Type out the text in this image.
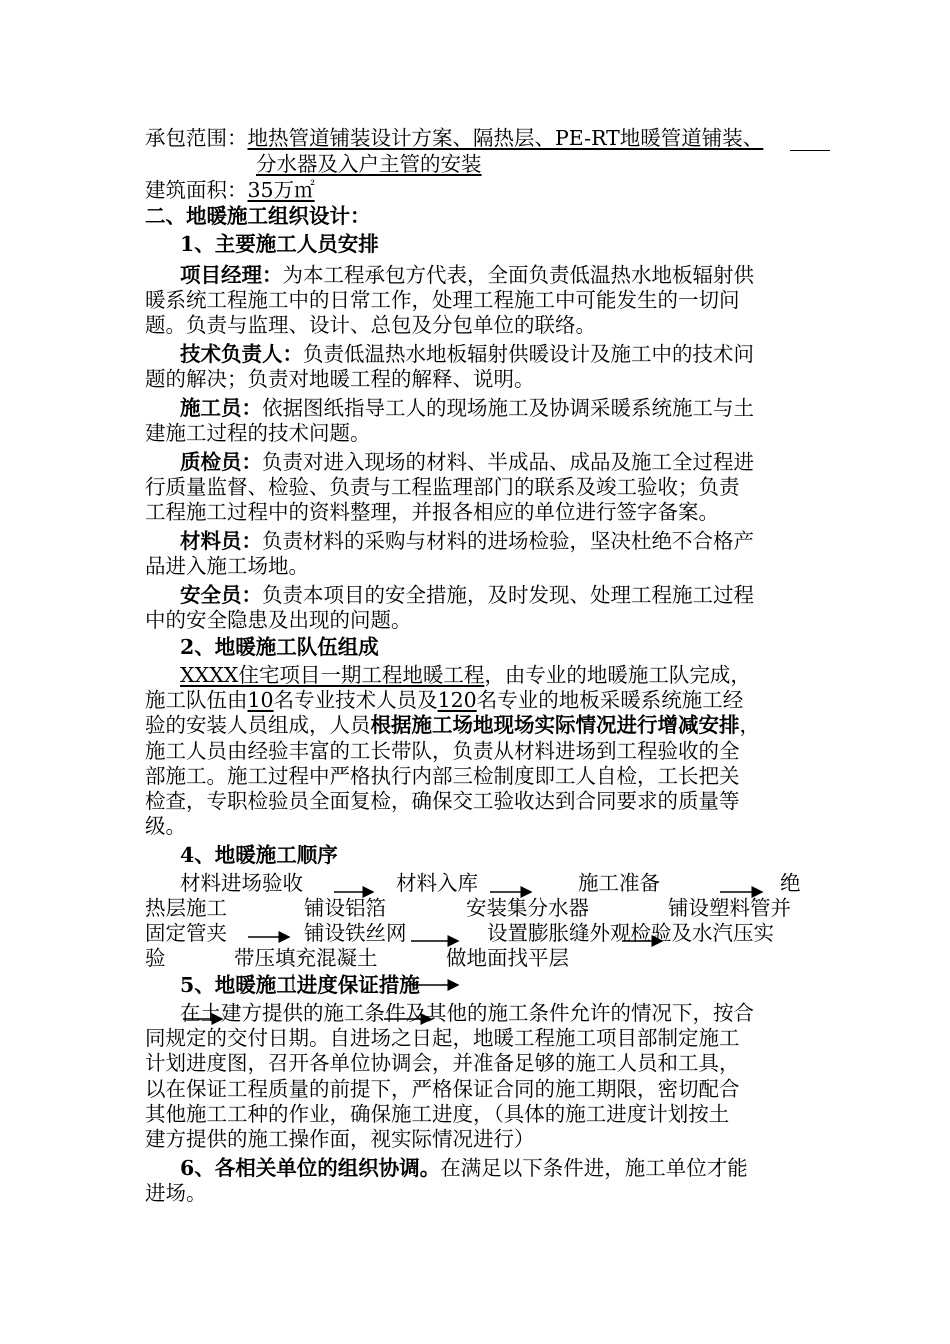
承包范围：地热管道铺装设计方案、隔热层、PE-RT地暖管道铺装、
分水器及入户主管的安装
建筑面积：35万㎡
二、地暖施工组织设计：
1、主要施工人员安排
项目经理：为本工程承包方代表，全面负责低温热水地板辐射供
暖系统工程施工中的日常工作，处理工程施工中可能发生的一切问
题。负责与监理、设计、总包及分包单位的联络。
技术负责人：负责低温热水地板辐射供暖设计及施工中的技术问
题的解决；负责对地暖工程的解释、说明。
施工员：依据图纸指导工人的现场施工及协调采暖系统施工与土
建施工过程的技术问题。
质检员：负责对进入现场的材料、半成品、成品及施工全过程进
行质量监督、检验、负责与工程监理部门的联系及竣工验收；负责
工程施工过程中的资料整理，并报各相应的单位进行签字备案。
材料员：负责材料的采购与材料的进场检验，坚决杜绝不合格产
品进入施工场地。
安全员：负责本项目的安全措施，及时发现、处理工程施工过程
中的安全隐患及出现的问题。
2、地暖施工队伍组成
XXXX住宅项目一期工程地暖工程，由专业的地暖施工队完成，
施工队伍由10名专业技术人员及120名专业的地板采暖系统施工经
验的安装人员组成，人员根据施工场地现场实际情况进行增减安排，
施工人员由经验丰富的工长带队，负责从材料进场到工程验收的全
部施工。施工过程中严格执行内部三检制度即工人自检，工长把关
检查，专职检验员全面复检，确保交工验收达到合同要求的质量等
级。
4、地暖施工顺序
材料进场验收	材料入库	施工准备	绝
热层施工	铺设铝箔	安装集分水器	铺设塑料管并
固定管夹	铺设铁丝网	设置膨胀缝外观检验及水汽压实
验	带压填充混凝土	做地面找平层
5、地暖施工进度保证措施
在土建方提供的施工条件及其他的施工条件允许的情况下，按合
同规定的交付日期。自进场之日起，地暖工程施工项目部制定施工
计划进度图，召开各单位协调会，并准备足够的施工人员和工具，
以在保证工程质量的前提下，严格保证合同的施工期限，密切配合
其他施工工种的作业，确保施工进度，（具体的施工进度计划按土
建方提供的施工操作面，视实际情况进行）
6、各相关单位的组织协调。在满足以下条件进，施工单位才能
进场。
